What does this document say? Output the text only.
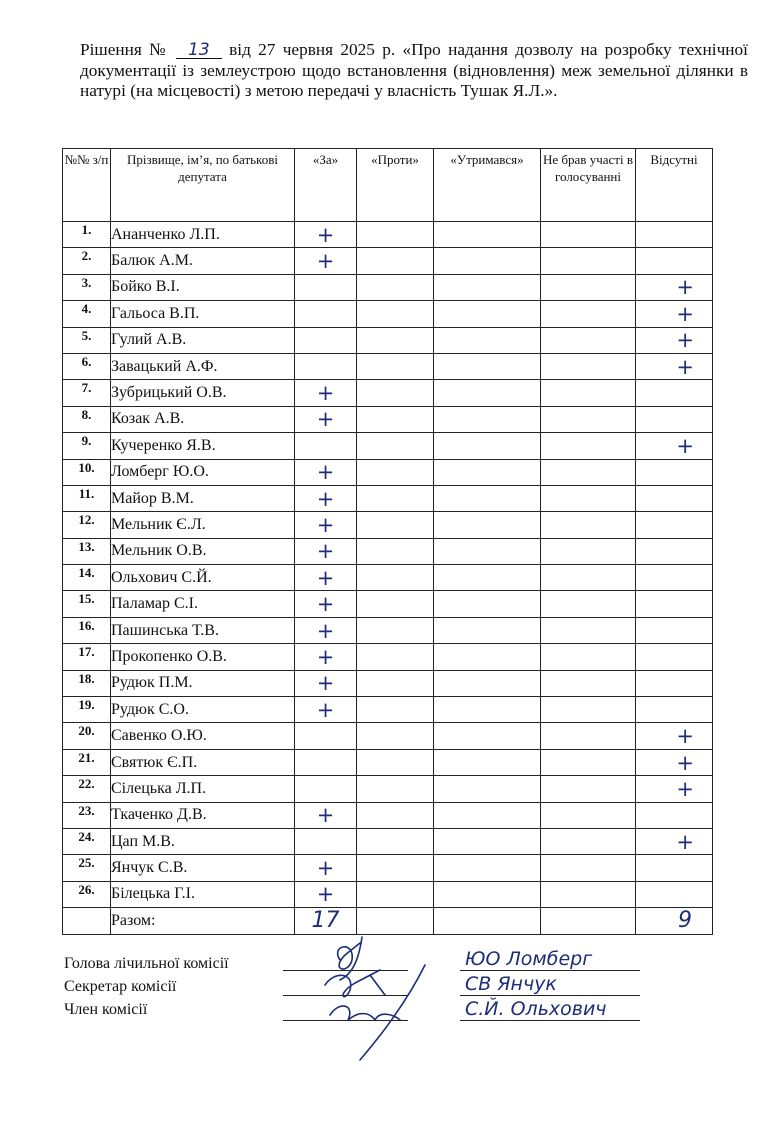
Рішення № 13 від 27 червня 2025 р. «Про надання дозволу на розробку технічної документації із землеустрою щодо встановлення (відновлення) меж земельної ділянки в натурі (на місцевості) з метою передачі у власність Тушак Я.Л.».
№№ з/п	Прізвище, ім’я, по батькові депутата	«За»	«Проти»	«Утримався»	Не брав участі в голосуванні	Відсутні
1.	Ананченко Л.П.	+				
2.	Балюк А.М.	+				
3.	Бойко В.І.					+
4.	Гальоса В.П.					+
5.	Гулий А.В.					+
6.	Завацький А.Ф.					+
7.	Зубрицький О.В.	+				
8.	Козак А.В.	+				
9.	Кучеренко Я.В.					+
10.	Ломберг Ю.О.	+				
11.	Майор В.М.	+				
12.	Мельник Є.Л.	+				
13.	Мельник О.В.	+				
14.	Ольхович С.Й.	+				
15.	Паламар С.І.	+				
16.	Пашинська Т.В.	+				
17.	Прокопенко О.В.	+				
18.	Рудюк П.М.	+				
19.	Рудюк С.О.	+				
20.	Савенко О.Ю.					+
21.	Святюк Є.П.					+
22.	Сілецька Л.П.					+
23.	Ткаченко Д.В.	+				
24.	Цап М.В.					+
25.	Янчук С.В.	+				
26.	Білецька Г.І.	+				
	Разом:	17				9
Голова лічильної комісії
Секретар комісії
Член комісії
ЮО Ломберг
СВ Янчук
С.Й. Ольхович
